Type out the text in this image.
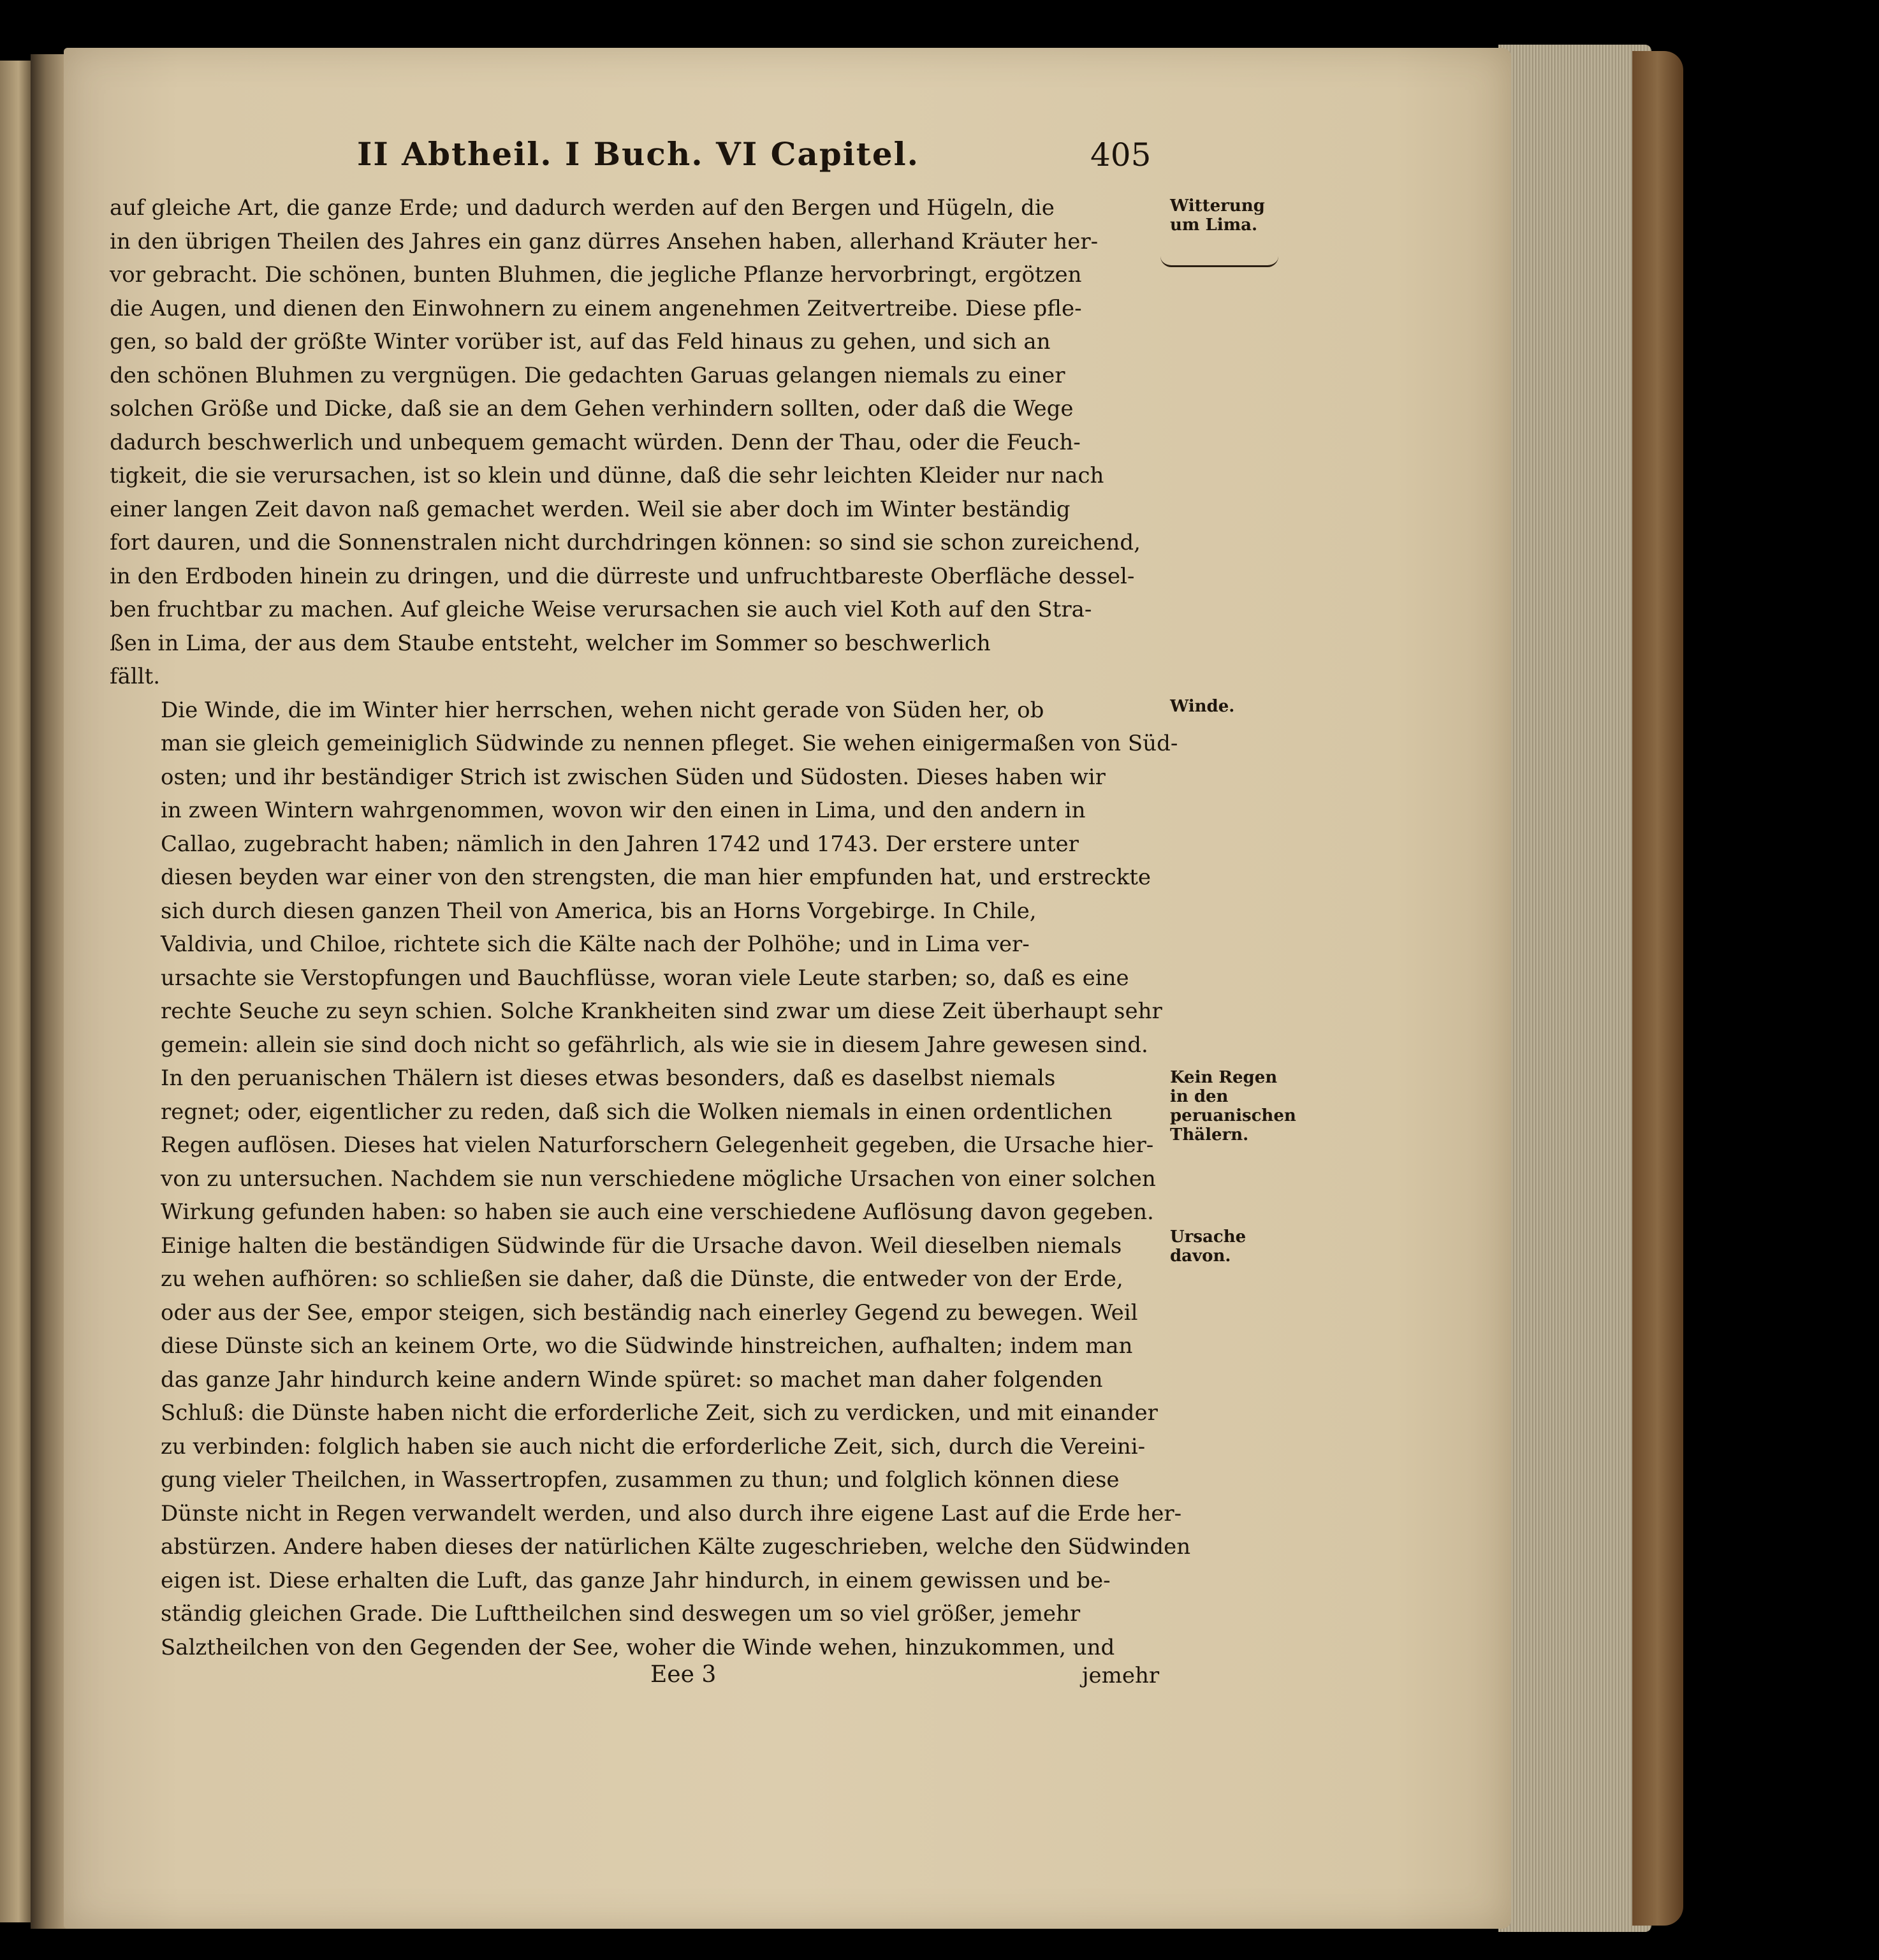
II Abtheil. I Buch. VI Capitel.	405
Witterung um Lima.
Winde.
Kein Regen in den peruanischen Thälern.
Ursache davon.

auf gleiche Art, die ganze Erde; und dadurch werden auf den Bergen und Hügeln, die
in den übrigen Theilen des Jahres ein ganz dürres Ansehen haben, allerhand Kräuter her-
vor gebracht. Die schönen, bunten Bluhmen, die jegliche Pflanze hervorbringt, ergötzen
die Augen, und dienen den Einwohnern zu einem angenehmen Zeitvertreibe. Diese pfle-
gen, so bald der größte Winter vorüber ist, auf das Feld hinaus zu gehen, und sich an
den schönen Bluhmen zu vergnügen. Die gedachten Garuas gelangen niemals zu einer
solchen Größe und Dicke, daß sie an dem Gehen verhindern sollten, oder daß die Wege
dadurch beschwerlich und unbequem gemacht würden. Denn der Thau, oder die Feuch-
tigkeit, die sie verursachen, ist so klein und dünne, daß die sehr leichten Kleider nur nach
einer langen Zeit davon naß gemachet werden. Weil sie aber doch im Winter beständig
fort dauren, und die Sonnenstralen nicht durchdringen können: so sind sie schon zureichend,
in den Erdboden hinein zu dringen, und die dürreste und unfruchtbareste Oberfläche dessel-
ben fruchtbar zu machen. Auf gleiche Weise verursachen sie auch viel Koth auf den Stra-
ßen in Lima, der aus dem Staube entsteht, welcher im Sommer so beschwerlich
fällt.

Die Winde, die im Winter hier herrschen, wehen nicht gerade von Süden her, ob
man sie gleich gemeiniglich Südwinde zu nennen pfleget. Sie wehen einigermaßen von Süd-
osten; und ihr beständiger Strich ist zwischen Süden und Südosten. Dieses haben wir
in zween Wintern wahrgenommen, wovon wir den einen in Lima, und den andern in
Callao, zugebracht haben; nämlich in den Jahren 1742 und 1743. Der erstere unter
diesen beyden war einer von den strengsten, die man hier empfunden hat, und erstreckte
sich durch diesen ganzen Theil von America, bis an Horns Vorgebirge. In Chile,
Valdivia, und Chiloe, richtete sich die Kälte nach der Polhöhe; und in Lima ver-
ursachte sie Verstopfungen und Bauchflüsse, woran viele Leute starben; so, daß es eine
rechte Seuche zu seyn schien. Solche Krankheiten sind zwar um diese Zeit überhaupt sehr
gemein: allein sie sind doch nicht so gefährlich, als wie sie in diesem Jahre gewesen sind.

In den peruanischen Thälern ist dieses etwas besonders, daß es daselbst niemals
regnet; oder, eigentlicher zu reden, daß sich die Wolken niemals in einen ordentlichen
Regen auflösen. Dieses hat vielen Naturforschern Gelegenheit gegeben, die Ursache hier-
von zu untersuchen. Nachdem sie nun verschiedene mögliche Ursachen von einer solchen
Wirkung gefunden haben: so haben sie auch eine verschiedene Auflösung davon gegeben.
Einige halten die beständigen Südwinde für die Ursache davon. Weil dieselben niemals
zu wehen aufhören: so schließen sie daher, daß die Dünste, die entweder von der Erde,
oder aus der See, empor steigen, sich beständig nach einerley Gegend zu bewegen. Weil
diese Dünste sich an keinem Orte, wo die Südwinde hinstreichen, aufhalten; indem man
das ganze Jahr hindurch keine andern Winde spüret: so machet man daher folgenden
Schluß: die Dünste haben nicht die erforderliche Zeit, sich zu verdicken, und mit einander
zu verbinden: folglich haben sie auch nicht die erforderliche Zeit, sich, durch die Vereini-
gung vieler Theilchen, in Wassertropfen, zusammen zu thun; und folglich können diese
Dünste nicht in Regen verwandelt werden, und also durch ihre eigene Last auf die Erde her-
abstürzen. Andere haben dieses der natürlichen Kälte zugeschrieben, welche den Südwinden
eigen ist. Diese erhalten die Luft, das ganze Jahr hindurch, in einem gewissen und be-
ständig gleichen Grade. Die Lufttheilchen sind deswegen um so viel größer, jemehr
Salztheilchen von den Gegenden der See, woher die Winde wehen, hinzukommen, und

Eee 3	jemehr
